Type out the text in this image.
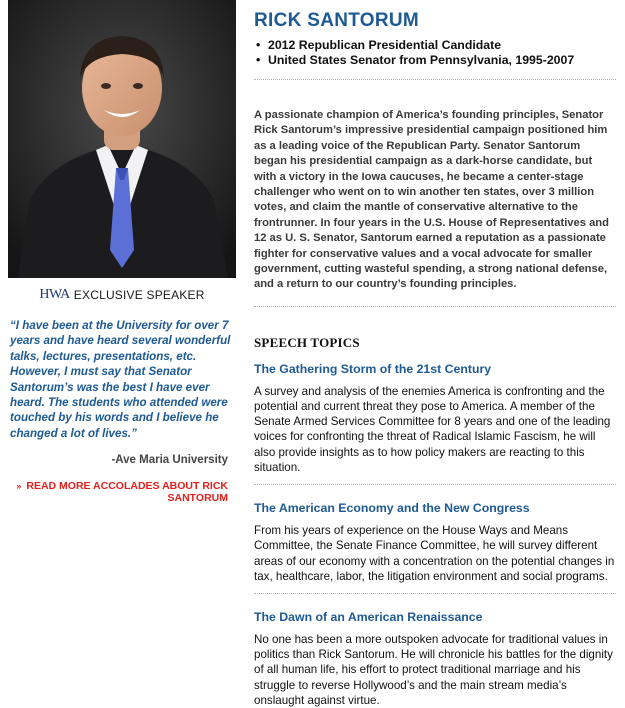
HWA EXCLUSIVE SPEAKER

“I have been at the University for over 7 years and have heard several wonderful talks, lectures, presentations, etc. However, I must say that Senator Santorum’s was the best I have ever heard. The students who attended were touched by his words and I believe he changed a lot of lives.”

-Ave Maria University

» READ MORE ACCOLADES ABOUT RICK SANTORUM
RICK SANTORUM
• 2012 Republican Presidential Candidate
• United States Senator from Pennsylvania, 1995-2007

A passionate champion of America’s founding principles, Senator Rick Santorum’s impressive presidential campaign positioned him as a leading voice of the Republican Party. Senator Santorum began his presidential campaign as a dark-horse candidate, but with a victory in the Iowa caucuses, he became a center-stage challenger who went on to win another ten states, over 3 million votes, and claim the mantle of conservative alternative to the frontrunner. In four years in the U.S. House of Representatives and 12 as U. S. Senator, Santorum earned a reputation as a passionate fighter for conservative values and a vocal advocate for smaller government, cutting wasteful spending, a strong national defense, and a return to our country’s founding principles.

SPEECH TOPICS
The Gathering Storm of the 21st Century

A survey and analysis of the enemies America is confronting and the potential and current threat they pose to America. A member of the Senate Armed Services Committee for 8 years and one of the leading voices for confronting the threat of Radical Islamic Fascism, he will also provide insights as to how policy makers are reacting to this situation.

The American Economy and the New Congress

From his years of experience on the House Ways and Means Committee, the Senate Finance Committee, he will survey different areas of our economy with a concentration on the potential changes in tax, healthcare, labor, the litigation environment and social programs.

The Dawn of an American Renaissance

No one has been a more outspoken advocate for traditional values in politics than Rick Santorum. He will chronicle his battles for the dignity of all human life, his effort to protect traditional marriage and his struggle to reverse Hollywood’s and the main stream media’s onslaught against virtue.
